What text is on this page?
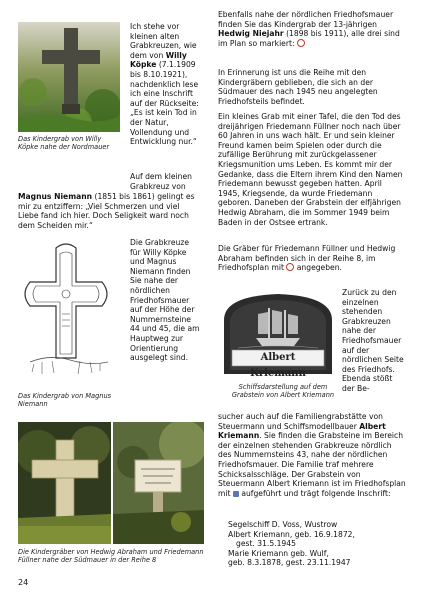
Das Kindergrab von Willy Köpke nahe der Nordmauer

Ich stehe vor kleinen alten Grabkreuzen, wie dem von Willy Köpke (7.1.1909 bis 8.10.1921), nachdenklich lese ich eine Inschrift auf der Rückseite: „Es ist kein Tod in der Natur, Vollendung und Entwicklung nur.“

Auf dem kleinen Grabkreuz von

Magnus Niemann (1851 bis 1861) gelingt es mir zu entziffern: „Viel Schmerzen und viel Liebe fand ich hier. Doch Seligkeit ward noch dem Scheiden mir.“

Das Kindergrab von Magnus Niemann

Die Grabkreuze für Willy Köpke und Magnus Niemann finden Sie nahe der nördlichen Friedhofsmauer auf der Höhe der Nummernsteine 44 und 45, die am Hauptweg zur Orientierung ausgelegt sind.

Die Kindergräber von Hedwig Abraham und Friedemann Füllner nahe der Südmauer in der Reihe 8

24

Ebenfalls nahe der nördlichen Friedhofsmauer finden Sie das Kindergrab der 13-jährigen Hedwig Niejahr (1898 bis 1911), alle drei sind im Plan so markiert:

In Erinnerung ist uns die Reihe mit den Kindergräbern geblieben, die sich an der Südmauer des nach 1945 neu angelegten Friedhofsteils befindet.

Ein kleines Grab mit einer Tafel, die den Tod des dreijährigen Friedemann Füllner noch nach über 60 Jahren in uns wach hält. Er und sein kleiner Freund kamen beim Spielen oder durch die zufällige Berührung mit zurückgelassener Kriegsmunition ums Leben. Es kommt mir der Gedanke, dass die Eltern ihrem Kind den Namen Friedemann bewusst gegeben hatten. April 1945, Kriegsende, da wurde Friedemann geboren. Daneben der Grabstein der elfjährigen Hedwig Abraham, die im Sommer 1949 beim Baden in der Ostsee ertrank.

Die Gräber für Friedemann Füllner und Hedwig Abraham befinden sich in der Reihe 8, im Friedhofsplan mit angegeben.

Albert Kriemann

Schiffsdarstellung auf dem Grabstein von Albert Kriemann

Zurück zu den einzelnen stehenden Grabkreuzen nahe der Friedhofsmauer auf der nördlichen Seite des Friedhofs. Ebenda stößt der Be-

sucher auch auf die Familiengrabstätte von Steuermann und Schiffsmodellbauer Albert Kriemann. Sie finden die Grabsteine im Bereich der einzelnen stehenden Grabkreuze nördlich des Nummernsteins 43, nahe der nördlichen Friedhofsmauer. Die Familie traf mehrere Schicksalsschläge. Der Grabstein von Steuermann Albert Kriemann ist im Friedhofsplan mit aufgeführt und trägt folgende Inschrift:

Segelschiff D. Voss, Wustrow
Albert Kriemann, geb. 16.9.1872,
gest. 31.5.1945
Marie Kriemann geb. Wulf,
geb. 8.3.1878, gest. 23.11.1947
